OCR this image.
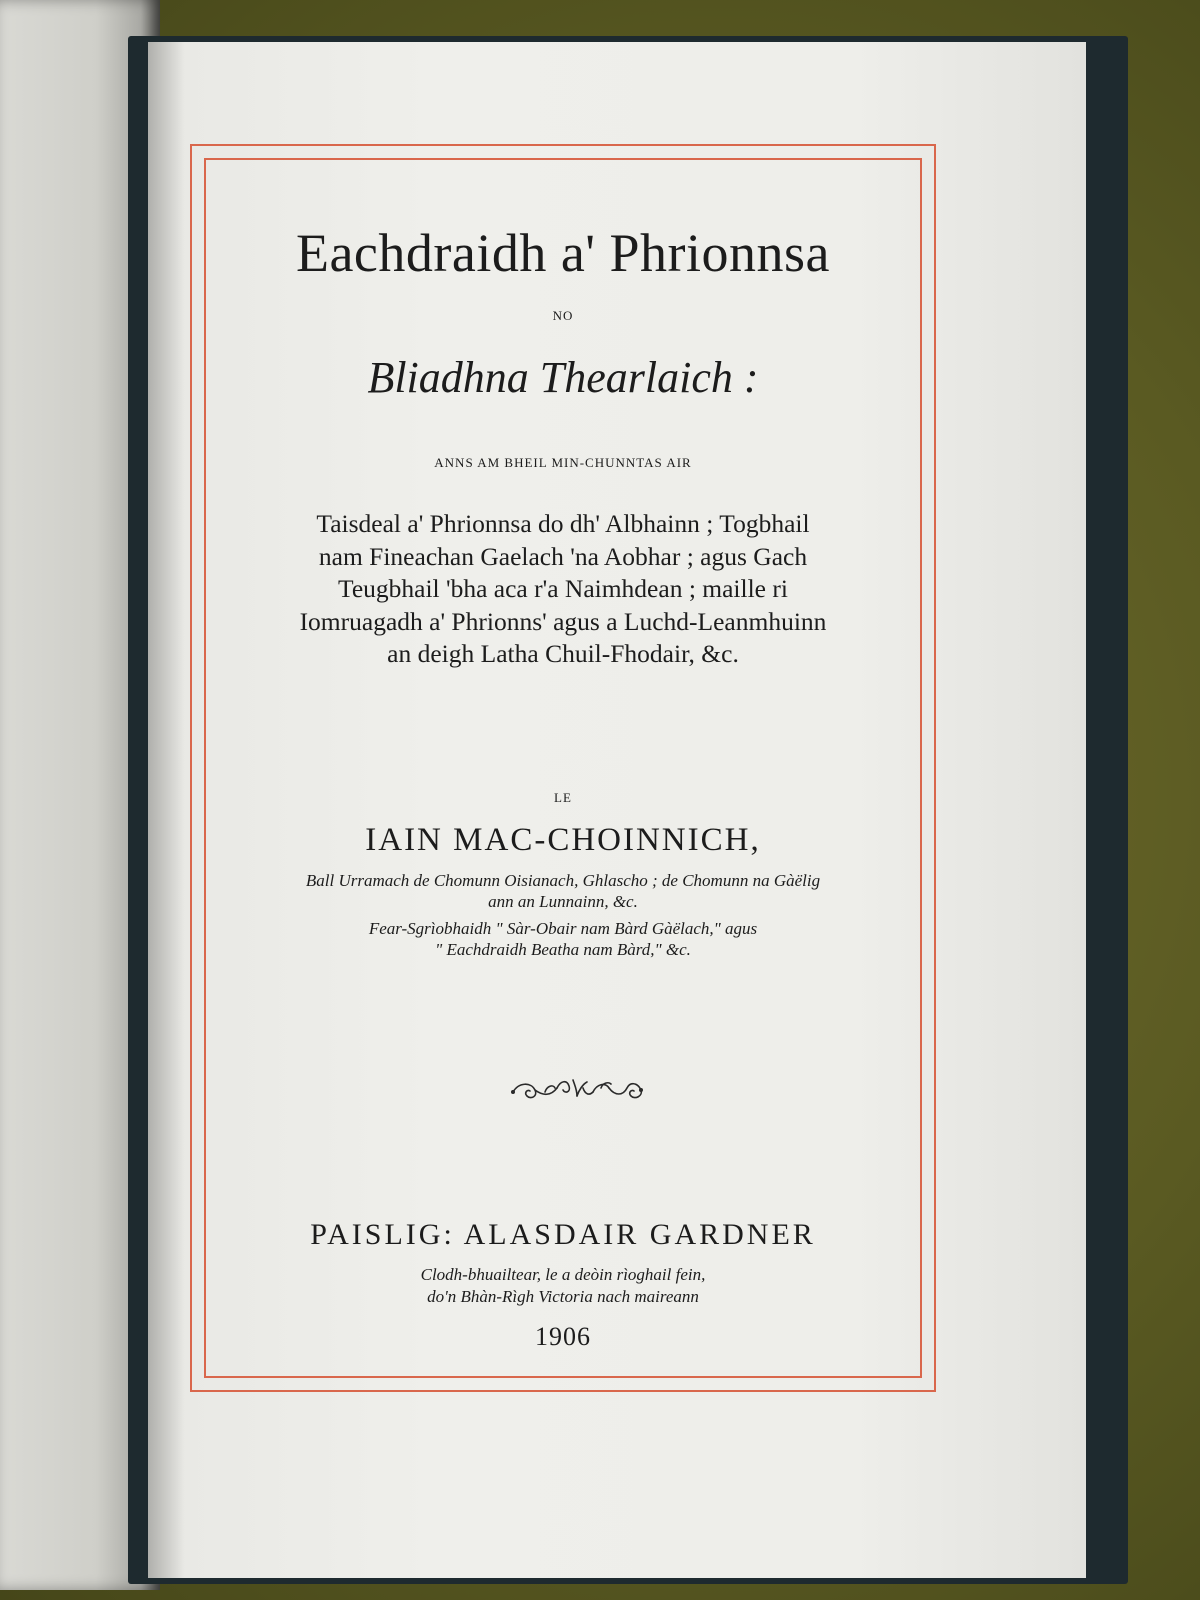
Eachdraidh a' Phrionnsa
NO
Bliadhna Thearlaich :
ANNS AM BHEIL MIN-CHUNNTAS AIR
Taisdeal a' Phrionnsa do dh' Albhainn ; Togbhail
nam Fineachan Gaelach 'na Aobhar ; agus Gach
Teugbhail 'bha aca r'a Naimhdean ; maille ri
Iomruagadh a' Phrionns' agus a Luchd-Leanmhuinn
an deigh Latha Chuil-Fhodair, &c.
LE
IAIN MAC-CHOINNICH,
Ball Urramach de Chomunn Oisianach, Ghlascho ; de Chomunn na Gàëlig
ann an Lunnainn, &c.
Fear-Sgrìobhaidh " Sàr-Obair nam Bàrd Gàëlach," agus
" Eachdraidh Beatha nam Bàrd," &c.
PAISLIG: ALASDAIR GARDNER
Clodh-bhuailtear, le a deòin rìoghail fein,
do'n Bhàn-Rìgh Victoria nach maireann
1906
